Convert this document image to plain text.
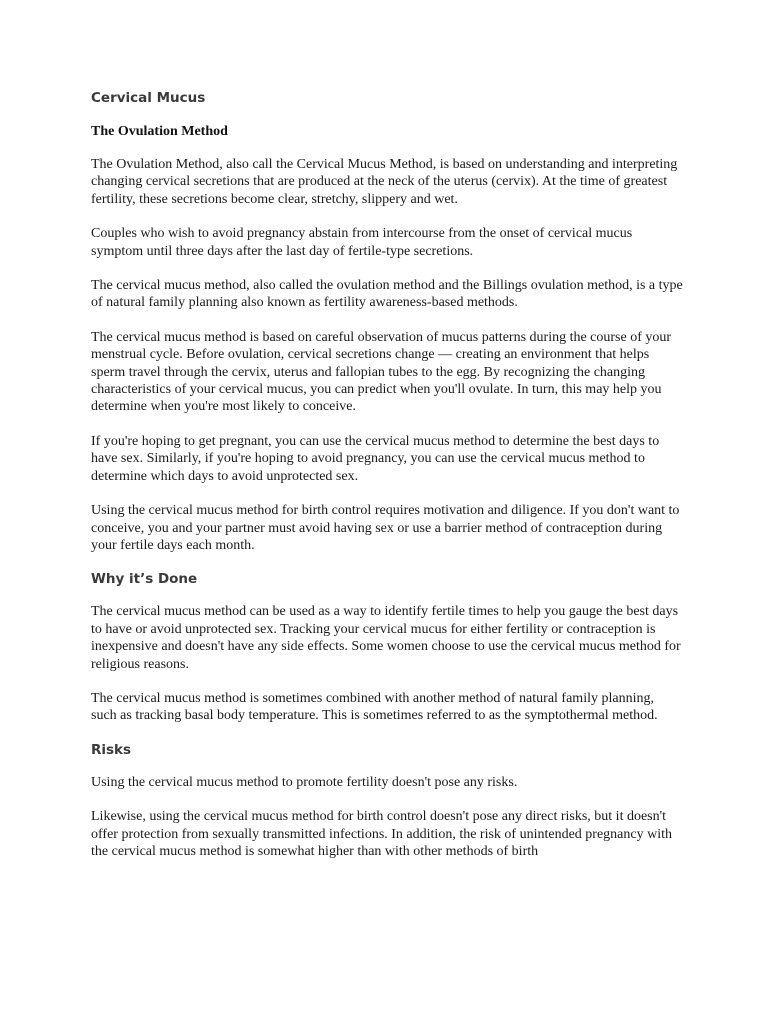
Cervical Mucus
The Ovulation Method

The Ovulation Method, also call the Cervical Mucus Method, is based on understanding and interpreting changing cervical secretions that are produced at the neck of the uterus (cervix). At the time of greatest fertility, these secretions become clear, stretchy, slippery and wet.

Couples who wish to avoid pregnancy abstain from intercourse from the onset of cervical mucus symptom until three days after the last day of fertile-type secretions.

The cervical mucus method, also called the ovulation method and the Billings ovulation method, is a type of natural family planning also known as fertility awareness-based methods.

The cervical mucus method is based on careful observation of mucus patterns during the course of your menstrual cycle. Before ovulation, cervical secretions change — creating an environment that helps sperm travel through the cervix, uterus and fallopian tubes to the egg. By recognizing the changing characteristics of your cervical mucus, you can predict when you'll ovulate. In turn, this may help you determine when you're most likely to conceive.

If you're hoping to get pregnant, you can use the cervical mucus method to determine the best days to have sex. Similarly, if you're hoping to avoid pregnancy, you can use the cervical mucus method to determine which days to avoid unprotected sex.

Using the cervical mucus method for birth control requires motivation and diligence. If you don't want to conceive, you and your partner must avoid having sex or use a barrier method of contraception during your fertile days each month.

Why it’s Done

The cervical mucus method can be used as a way to identify fertile times to help you gauge the best days to have or avoid unprotected sex. Tracking your cervical mucus for either fertility or contraception is inexpensive and doesn't have any side effects. Some women choose to use the cervical mucus method for religious reasons.

The cervical mucus method is sometimes combined with another method of natural family planning, such as tracking basal body temperature. This is sometimes referred to as the symptothermal method.

Risks

Using the cervical mucus method to promote fertility doesn't pose any risks.

Likewise, using the cervical mucus method for birth control doesn't pose any direct risks, but it doesn't offer protection from sexually transmitted infections. In addition, the risk of unintended pregnancy with the cervical mucus method is somewhat higher than with other methods of birth
